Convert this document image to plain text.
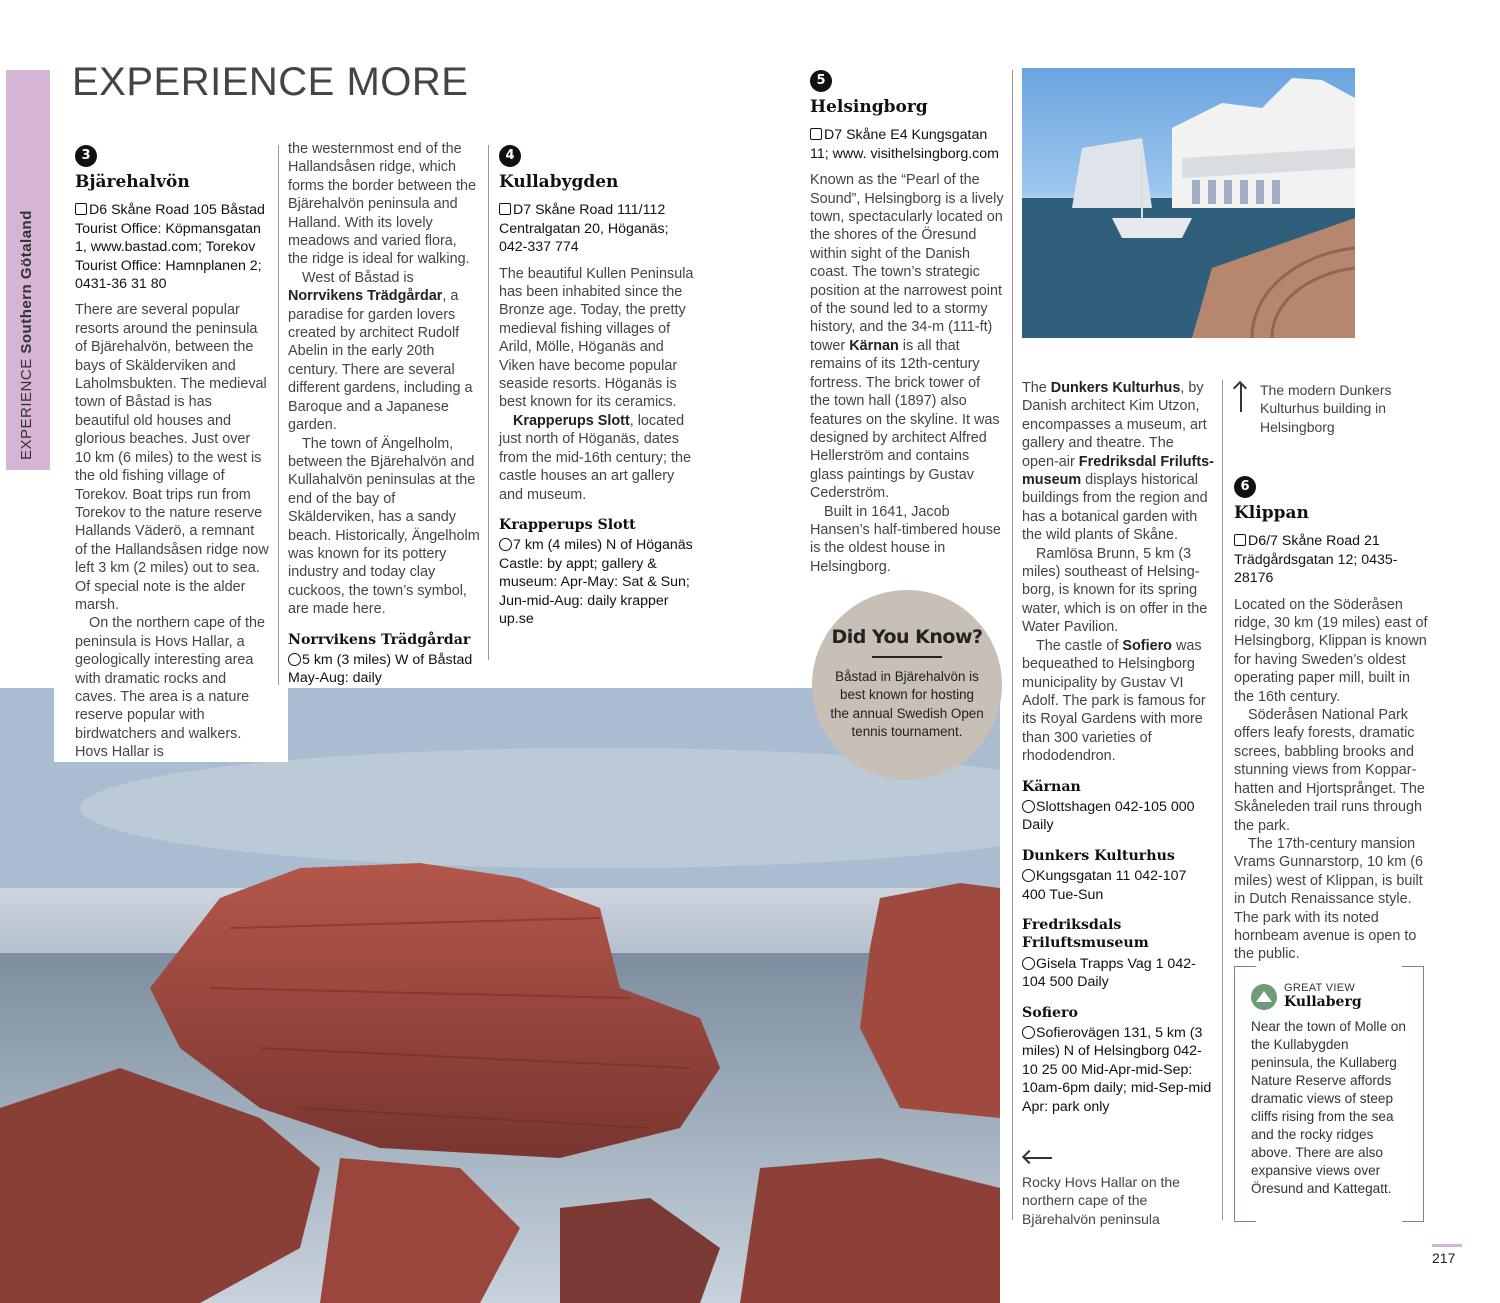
EXPERIENCE Southern Götaland
EXPERIENCE MORE
3
Bjärehalvön
D6 Skåne Road 105 Båstad Tourist Office: Köpmansgatan 1, www.bastad.com; Torekov Tourist Office: Hamnplanen 2; 0431-36 31 80

There are several popular resorts around the peninsula of Bjärehalvön, between the bays of Skälderviken and Laholmsbukten. The medieval town of Båstad is has beautiful old houses and glorious beaches. Just over 10 km (6 miles) to the west is the old fishing village of Torekov. Boat trips run from Torekov to the nature reserve Hallands Väderö, a remnant of the Hallandsåsen ridge now left 3 km (2 miles) out to sea. Of special note is the alder marsh.

On the northern cape of the peninsula is Hovs Hallar, a geologically interesting area with dramatic rocks and caves. The area is a nature reserve popular with birdwatchers and walkers. Hovs Hallar is

the westernmost end of the Hallandsåsen ridge, which forms the border between the Bjärehalvön peninsula and Halland. With its lovely meadows and varied flora, the ridge is ideal for walking.

West of Båstad is Norrvikens Trädgårdar, a paradise for garden lovers created by architect Rudolf Abelin in the early 20th century. There are several different gardens, including a Baroque and a Japanese garden.

The town of Ängelholm, between the Bjärehalvön and Kullahalvön peninsulas at the end of the bay of Skälderviken, has a sandy beach. Historically, Ängelholm was known for its pottery industry and today clay cuckoos, the town’s symbol, are made here.

Norrvikens Trädgårdar
5 km (3 miles) W of Båstad May-Aug: daily
4
Kullabygden
D7 Skåne Road 111/112 Centralgatan 20, Höganäs; 042-337 774

The beautiful Kullen Peninsula has been inhabited since the Bronze age. Today, the pretty medieval fishing villages of Arild, Mölle, Höganäs and Viken have become popular seaside resorts. Höganäs is best known for its ceramics.

Krapperups Slott, located just north of Höganäs, dates from the mid-16th century; the castle houses an art gallery and museum.

Krapperups Slott
7 km (4 miles) N of Höganäs Castle: by appt; gallery & museum: Apr-May: Sat & Sun; Jun-mid-Aug: daily krapper up.se
5
Helsingborg
D7 Skåne E4 Kungsgatan 11; www. visithelsingborg.com

Known as the “Pearl of the Sound”, Helsingborg is a lively town, spectacularly located on the shores of the Öresund within sight of the Danish coast. The town’s strategic position at the narrowest point of the sound led to a stormy history, and the 34-m (111-ft) tower Kärnan is all that remains of its 12th-century fortress. The brick tower of the town hall (1897) also features on the skyline. It was designed by architect Alfred Hellerström and contains glass paintings by Gustav Cederström.

Built in 1641, Jacob Hansen’s half-timbered house is the oldest house in Helsingborg.

Did You Know?
Båstad in Bjärehalvön is best known for hosting the annual Swedish Open tennis tournament.

The Dunkers Kulturhus, by Danish architect Kim Utzon, encompasses a museum, art gallery and theatre. The open-air Fredriksdal Frilufts-museum displays historical buildings from the region and has a botanical garden with the wild plants of Skåne.

Ramlösa Brunn, 5 km (3 miles) southeast of Helsing-borg, is known for its spring water, which is on offer in the Water Pavilion.

The castle of Sofiero was bequeathed to Helsingborg municipality by Gustav VI Adolf. The park is famous for its Royal Gardens with more than 300 varieties of rhododendron.

Kärnan
Slottshagen 042-105 000 Daily
Dunkers Kulturhus
Kungsgatan 11 042-107 400 Tue-Sun
Fredriksdals Friluftsmuseum
Gisela Trapps Vag 1 042-104 500 Daily
Sofiero
Sofierovägen 131, 5 km (3 miles) N of Helsingborg 042-10 25 00 Mid-Apr-mid-Sep: 10am-6pm daily; mid-Sep-mid Apr: park only
Rocky Hovs Hallar on the northern cape of the Bjärehalvön peninsula
The modern Dunkers Kulturhus building in Helsingborg
6
Klippan
D6/7 Skåne Road 21 Trädgårdsgatan 12; 0435-28176

Located on the Söderåsen ridge, 30 km (19 miles) east of Helsingborg, Klippan is known for having Sweden’s oldest operating paper mill, built in the 16th century.

Söderåsen National Park offers leafy forests, dramatic screes, babbling brooks and stunning views from Koppar-hatten and Hjortsprånget. The Skåneleden trail runs through the park.

The 17th-century mansion Vrams Gunnarstorp, 10 km (6 miles) west of Klippan, is built in Dutch Renaissance style. The park with its noted hornbeam avenue is open to the public.

GREAT VIEW
Kullaberg
Near the town of Molle on the Kullabygden peninsula, the Kullaberg Nature Reserve affords dramatic views of steep cliffs rising from the sea and the rocky ridges above. There are also expansive views over Öresund and Kattegatt.
217
